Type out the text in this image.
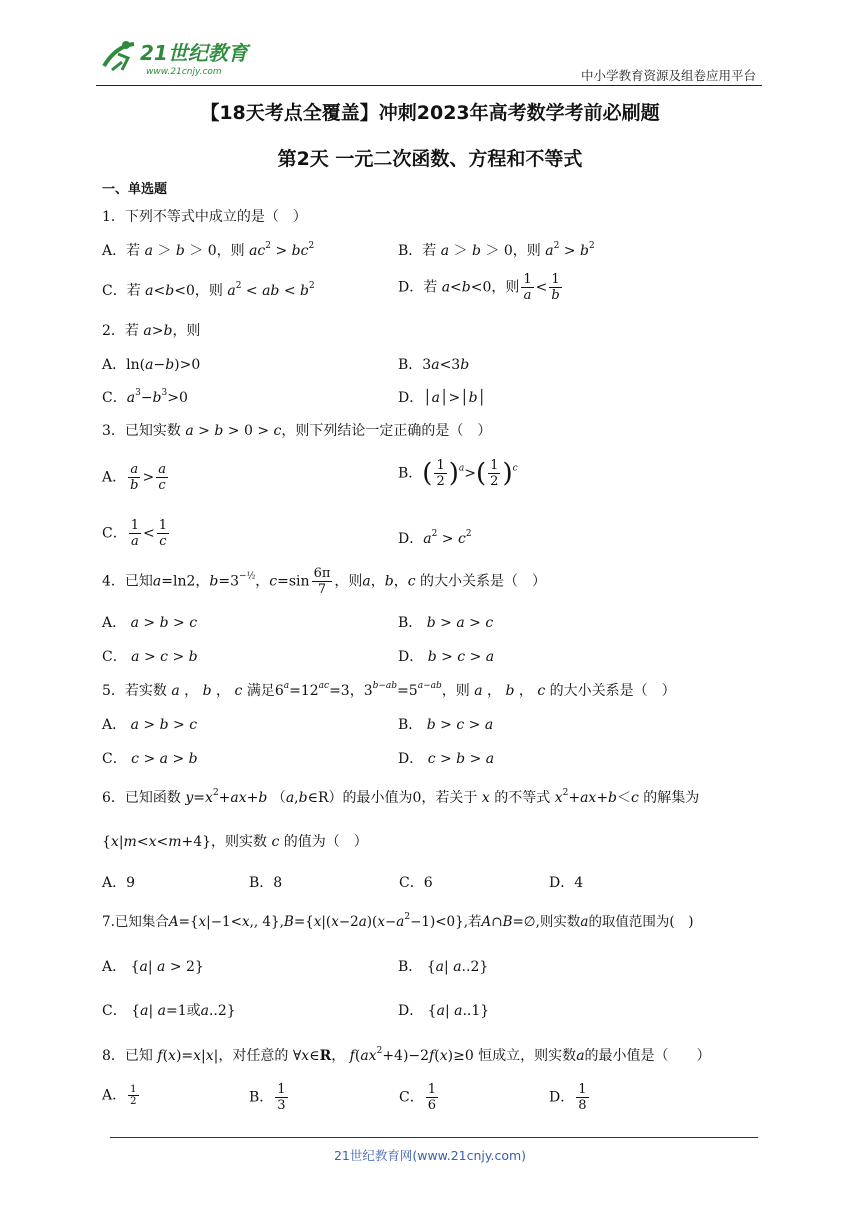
21世纪教育
www.21cnjy.com	中小学教育资源及组卷应用平台
【18天考点全覆盖】冲刺2023年高考数学考前必刷题
第2天 一元二次函数、方程和不等式
一、单选题
1．下列不等式中成立的是（　）
A．若 a ＞ b ＞ 0，则 $ac^2 > bc^2$	B．若 a ＞ b ＞ 0，则 $a^2 > b^2$
C．若 a<b<0，则 $a^2$ < ab < $b^2$	D．若 a<b<0，则 $\frac{1}{a} < \frac{1}{b}$
2．若 a>b，则
A．ln(a−b)>0	B．3a<3b
C．$a^3-b^3>0$	D．│a│>│b│
3．已知实数 a > b > 0 > c，则下列结论一定正确的是（　）
A． $\frac{a}{b} > \frac{a}{c}$	B．( $\frac{1}{2} )^a>( \frac{1}{2} )^c$
C． $\frac{1}{a} < \frac{1}{c}$	D．$a^2 > c^2$
4．已知a=ln2，$b=3^{-\frac{1}{2}}$，$c=\sin \frac{6\pi}{7}$ ，则a，b，c 的大小关系是（　）
A． a > b > c	B． b > a > c
C． a > c > b	D． b > c > a
5．若实数 a ， b ， c 满足$6^a=12^{ac}=3$，$3^{b-ab}=5^{a-ab}$，则 a ， b ， c 的大小关系是（　）
A． a > b > c	B． b > c > a
C． c > a > b	D． c > b > a
6．已知函数 $y=x^2+ax+b$ （a,b∈R）的最小值为0，若关于 x 的不等式 $x^2+ax+b<c$ 的解集为
{x|m<x<m+4}，则实数 c 的值为（　）
A．9	B．8	C．6	D．4
7.已知集合A={x|−1<x,, $4\},B=\{x|(x-2a)(x-a^2-1)<0\}$,若A∩B=∅,则实数a的取值范围为(　)
A． {a| a > 2}	B． {a| a..2}
C． {a| a=1或a..2}	D． {a| a..1}
8．已知 f(x)=x|x|，对任意的 ∀x∈R， $f(ax^2+4)-2f(x)\ge 0$ 恒成立，则实数a的最小值是（　　）
A． $\frac{1}{2}$	B． $\frac{1}{3}$	C． $\frac{1}{6}$	D． $\frac{1}{8}$
21世纪教育网(www.21cnjy.com)
